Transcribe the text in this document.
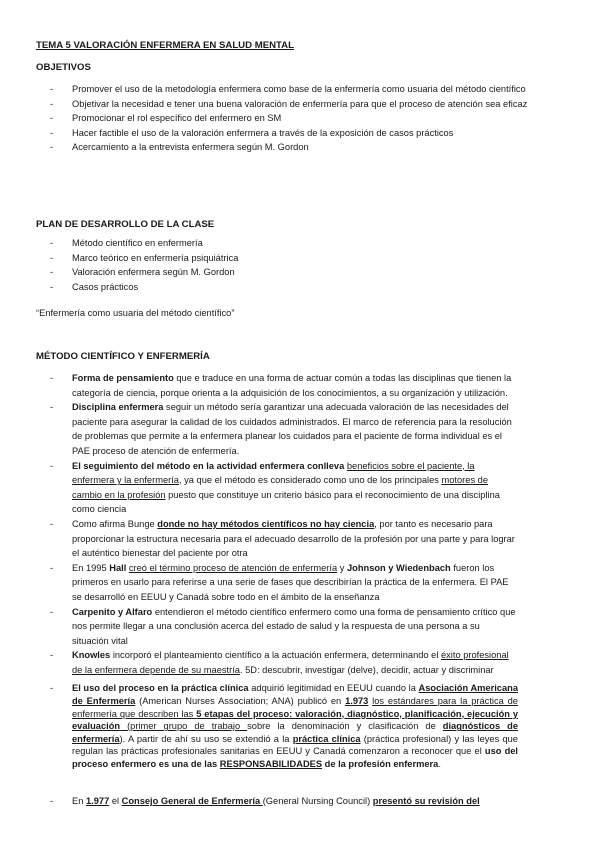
TEMA 5 VALORACIÓN ENFERMERA EN SALUD MENTAL
OBJETIVOS
- Promover el uso de la metodología enfermera como base de la enfermería como usuaria del método científico
- Objetivar la necesidad e tener una buena valoración de enfermería para que el proceso de atención sea eficaz
- Promocionar el rol específico del enfermero en SM
- Hacer factible el uso de la valoración enfermera a través de la exposición de casos prácticos
- Acercamiento a la entrevista enfermera según M. Gordon
PLAN DE DESARROLLO DE LA CLASE
- Método científico en enfermería
- Marco teórico en enfermería psiquiátrica
- Valoración enfermera según M. Gordon
- Casos prácticos
“Enfermería como usuaria del método científico”
MÉTODO CIENTÍFICO Y ENFERMERÍA
- Forma de pensamiento que e traduce en una forma de actuar común a todas las disciplinas que tienen la categoría de ciencia, porque orienta a la adquisición de los conocimientos, a su organización y utilización.
- Disciplina enfermera seguir un método sería garantizar una adecuada valoración de las necesidades del paciente para asegurar la calidad de los cuidados administrados. El marco de referencia para la resolución de problemas que permite a la enfermera planear los cuidados para el paciente de forma individual es el PAE proceso de atención de enfermería.
- El seguimiento del método en la actividad enfermera conlleva beneficios sobre el paciente, la enfermera y la enfermería, ya que el método es considerado como uno de los principales motores de cambio en la profesión puesto que constituye un criterio básico para el reconocimiento de una disciplina como ciencia
- Como afirma Bunge donde no hay métodos científicos no hay ciencia, por tanto es necesario para proporcionar la estructura necesaria para el adecuado desarrollo de la profesión por una parte y para lograr el auténtico bienestar del paciente por otra
- En 1995 Hall creó el término proceso de atención de enfermería y Johnson y Wiedenbach fueron los primeros en usarlo para referirse a una serie de fases que describirían la práctica de la enfermera. El PAE se desarrolló en EEUU y Canadá sobre todo en el ámbito de la enseñanza
- Carpenito y Alfaro entendieron el método científico enfermero como una forma de pensamiento crítico que nos permite llegar a una conclusión acerca del estado de salud y la respuesta de una persona a su situación vital
- Knowles incorporó el planteamiento científico a la actuación enfermera, determinando el éxito profesional de la enfermera depende de su maestría. 5D: descubrir, investigar (delve), decidir, actuar y discriminar
- El uso del proceso en la práctica clínica adquirió legitimidad en EEUU cuando la Asociación Americana de Enfermería (American Nurses Association; ANA) publicó en 1.973 los estándares para la práctica de enfermería que describen las 5 etapas del proceso: valoración, diagnóstico, planificación, ejecución y evaluación (primer grupo de trabajo sobre la denominación y clasificación de diagnósticos de enfermería). A partir de ahí su uso se extendió a la práctica clínica (práctica profesional) y las leyes que regulan las prácticas profesionales sanitarias en EEUU y Canadá comenzaron a reconocer que el uso del proceso enfermero es una de las RESPONSABILIDADES de la profesión enfermera.
- En 1.977 el Consejo General de Enfermería (General Nursing Council) presentó su revisión del
